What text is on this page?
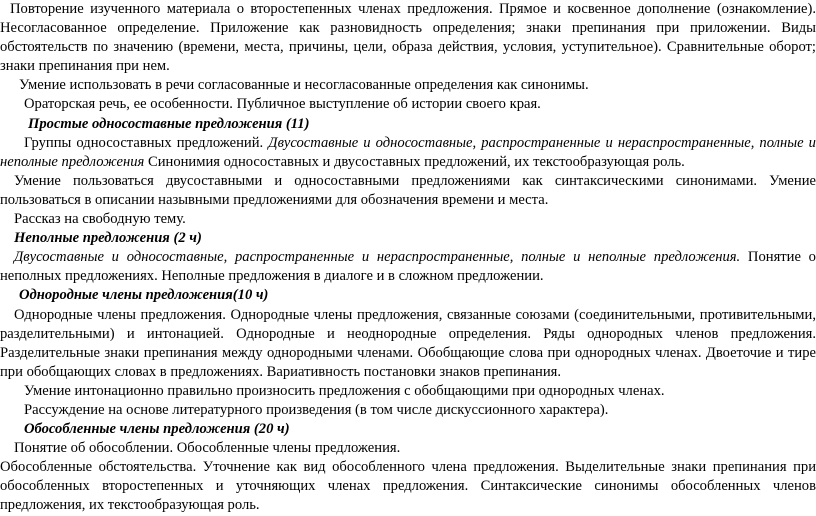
Повторение изученного материала о второстепенных членах предложения. Прямое и косвенное дополнение (ознакомление). Несогласованное определение. Приложение как разновидность определения; знаки препинания при приложении. Виды обстоятельств по значению (времени, места, причины, цели, образа действия, условия, уступительное). Сравнительные оборот; знаки препинания при нем.

Умение использовать в речи согласованные и несогласованные определения как синонимы.

Ораторская речь, ее особенности. Публичное выступление об истории своего края.

Простые односоставные предложения (11)

Группы односоставных предложений. Двусоставные и односоставные, распространенные и нераспространенные, полные и неполные предложения Синонимия односоставных и двусоставных предложений, их текстообразующая роль.

Умение пользоваться двусоставными и односоставными предложениями как синтаксическими синонимами. Умение пользоваться в описании назывными предложениями для обозначения времени и места.

Рассказ на свободную тему.

Неполные предложения (2 ч)

Двусоставные и односоставные, распространенные и нераспространенные, полные и неполные предложения. Понятие о неполных предложениях. Неполные предложения в диалоге и в сложном предложении.

Однородные члены предложения(10 ч)

Однородные члены предложения. Однородные члены предложения, связанные союзами (соединительными, противительными, разделительными) и интонацией. Однородные и неоднородные определения. Ряды однородных членов предложения. Разделительные знаки препинания между однородными членами. Обобщающие слова при однородных членах. Двоеточие и тире при обобщающих словах в предложениях. Вариативность постановки знаков препинания.

Умение интонационно правильно произносить предложения с обобщающими при однородных членах.

Рассуждение на основе литературного произведения (в том числе дискуссионного характера).

Обособленные члены предложения (20 ч)

Понятие об обособлении. Обособленные члены предложения.

Обособленные обстоятельства. Уточнение как вид обособленного члена предложения. Выделительные знаки препинания при обособленных второстепенных и уточняющих членах предложения. Синтаксические синонимы обособленных членов предложения, их текстообразующая роль.
